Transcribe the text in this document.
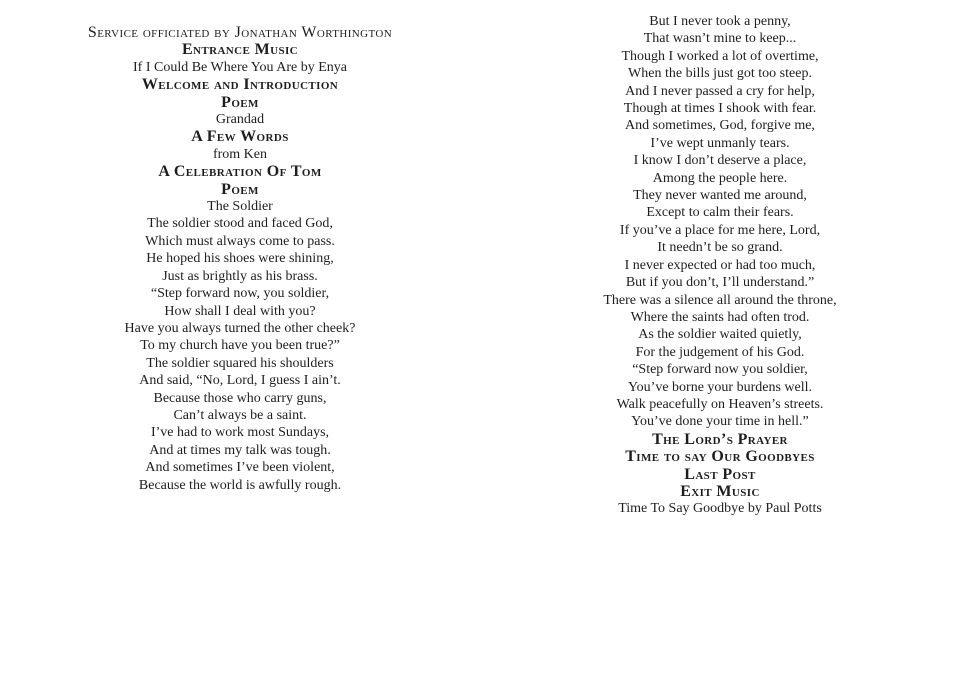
Service officiated by Jonathan Worthington

Entrance Music

If I Could Be Where You Are by Enya

Welcome and Introduction

Poem

Grandad

A Few Words

from Ken

A Celebration Of Tom

Poem

The Soldier

The soldier stood and faced God,
Which must always come to pass.
He hoped his shoes were shining,
Just as brightly as his brass.
“Step forward now, you soldier,
How shall I deal with you?
Have you always turned the other cheek?
To my church have you been true?”
The soldier squared his shoulders
And said, “No, Lord, I guess I ain’t.
Because those who carry guns,
Can’t always be a saint.
I’ve had to work most Sundays,
And at times my talk was tough.
And sometimes I’ve been violent,
Because the world is awfully rough.
But I never took a penny,
That wasn’t mine to keep...
Though I worked a lot of overtime,
When the bills just got too steep.
And I never passed a cry for help,
Though at times I shook with fear.
And sometimes, God, forgive me,
I’ve wept unmanly tears.
I know I don’t deserve a place,
Among the people here.
They never wanted me around,
Except to calm their fears.
If you’ve a place for me here, Lord,
It needn’t be so grand.
I never expected or had too much,
But if you don’t, I’ll understand.”
There was a silence all around the throne,
Where the saints had often trod.
As the soldier waited quietly,
For the judgement of his God.
“Step forward now you soldier,
You’ve borne your burdens well.
Walk peacefully on Heaven’s streets.
You’ve done your time in hell.”

The Lord’s Prayer

Time to say Our Goodbyes

Last Post

Exit Music

Time To Say Goodbye by Paul Potts
